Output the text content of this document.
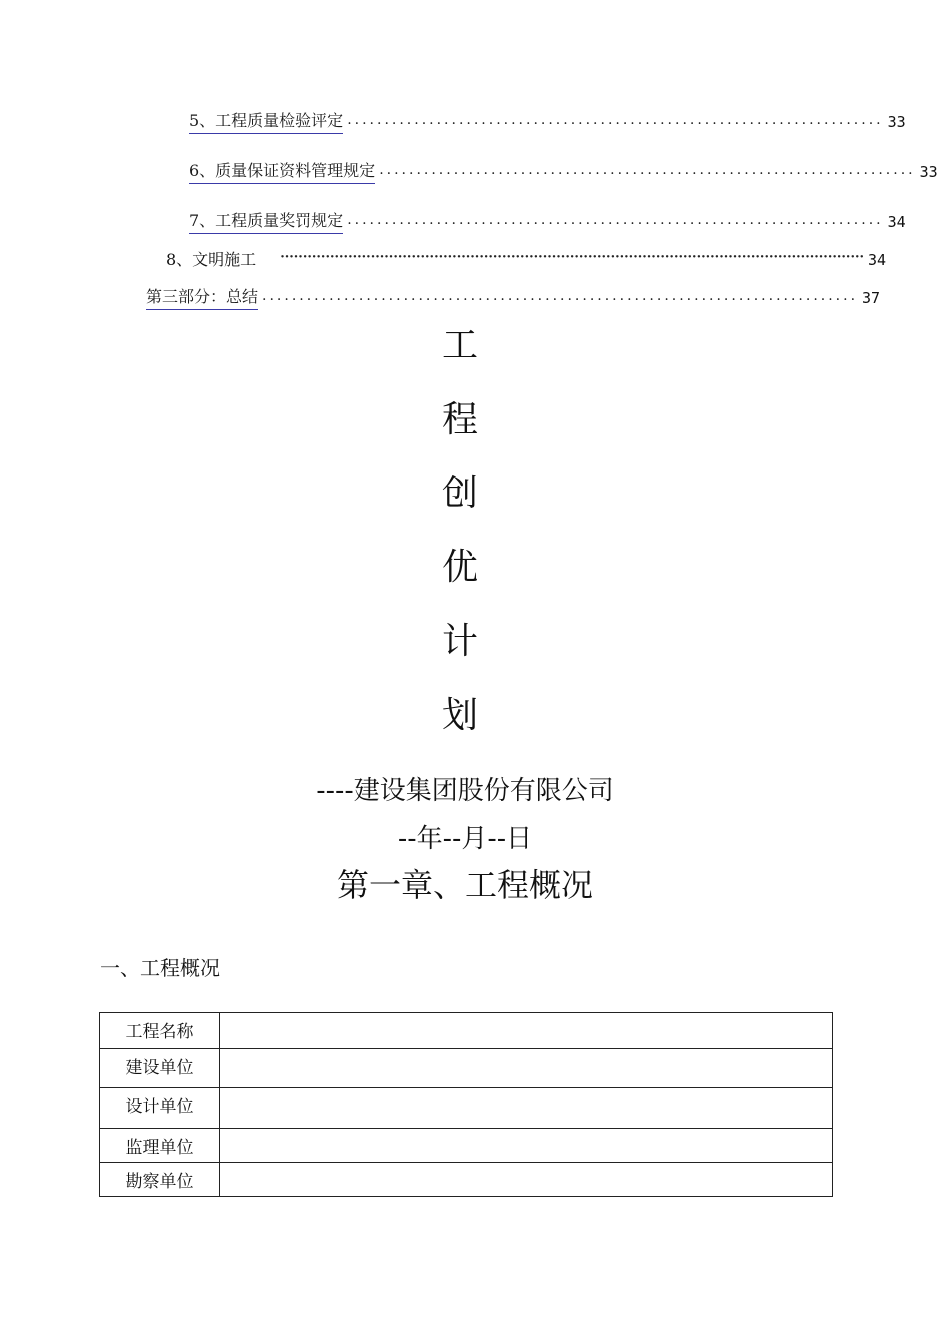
5、工程质量检验评定 ........................................................................ 33
6、质量保证资料管理规定 ........................................................................ 33
7、工程质量奖罚规定 ........................................................................ 34
8、文明施工 ································································································································· 34
第三部分：总结 ................................................................................ 37
工
程
创
优
计
划
----建设集团股份有限公司
--年--月--日
第一章、工程概况
一、工程概况
工程名称	
建设单位	
设计单位	
监理单位	
勘察单位	
